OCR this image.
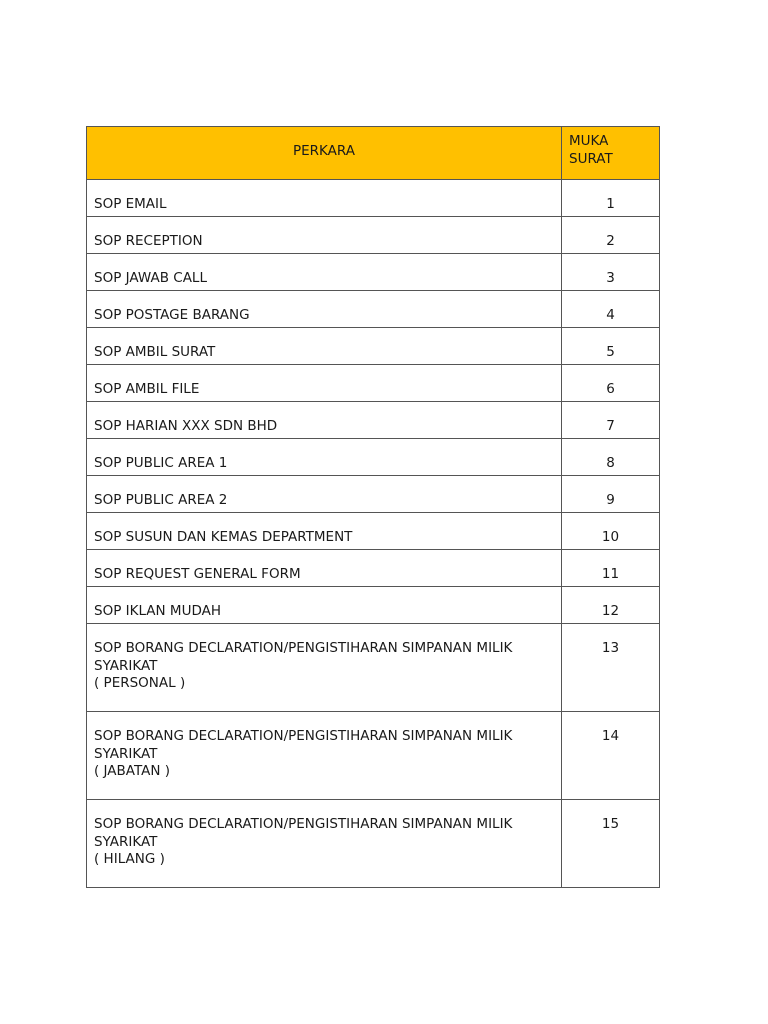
PERKARA	MUKA
SURAT

SOP EMAIL	1
SOP RECEPTION	2
SOP JAWAB CALL	3
SOP POSTAGE BARANG	4
SOP AMBIL SURAT	5
SOP AMBIL FILE	6
SOP HARIAN XXX SDN BHD	7
SOP PUBLIC AREA 1	8
SOP PUBLIC AREA 2	9
SOP SUSUN DAN KEMAS DEPARTMENT	10
SOP REQUEST GENERAL FORM	11
SOP IKLAN MUDAH	12

SOP BORANG DECLARATION/PENGISTIHARAN SIMPANAN MILIK
SYARIKAT
( PERSONAL )	13

SOP BORANG DECLARATION/PENGISTIHARAN SIMPANAN MILIK
SYARIKAT
( JABATAN )	14

SOP BORANG DECLARATION/PENGISTIHARAN SIMPANAN MILIK
SYARIKAT
( HILANG )	15
